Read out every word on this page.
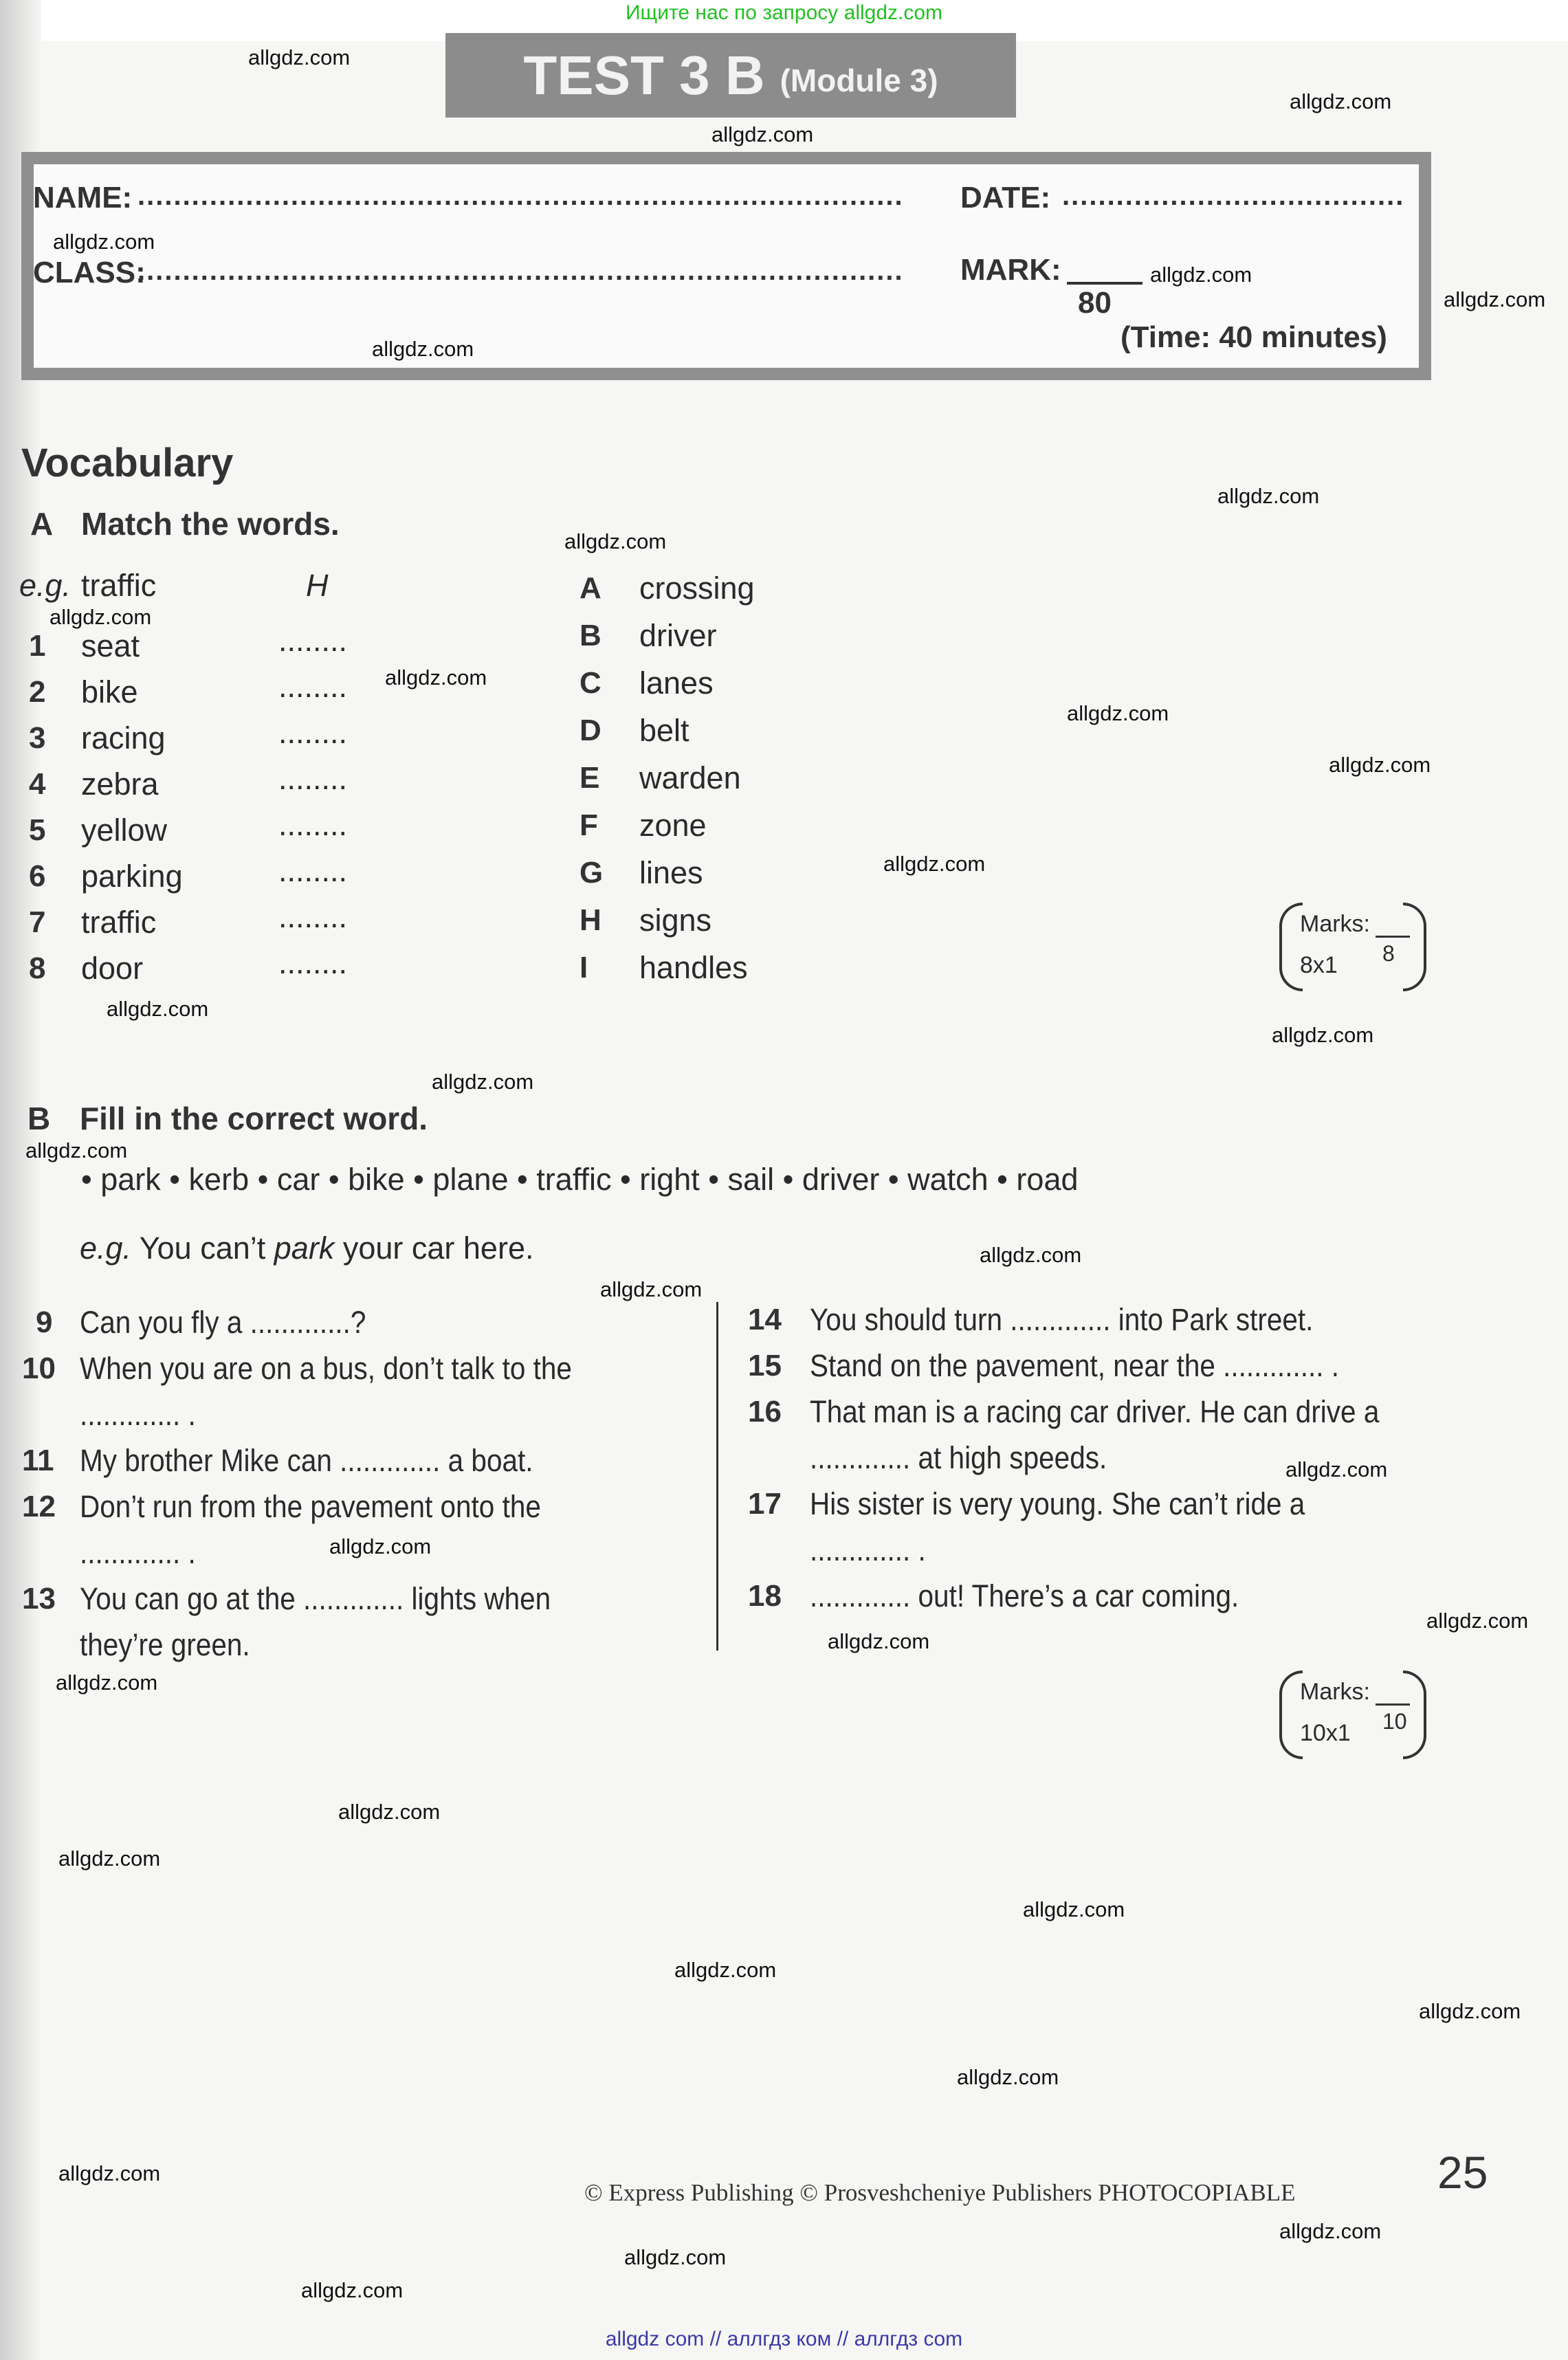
Ищите нас по запросу allgdz.com
TEST 3 B (Module 3)
NAME: .....................................................................................
CLASS:
.....................................................................................
DATE: ......................................
MARK:
80
(Time: 40 minutes)
Vocabulary
A Match the words.
e.g. traffic	H
Marks:
8
8x1
B Fill in the correct word.
• park • kerb • car • bike • plane • traffic • right • sail • driver • watch • road
e.g. You can’t park your car here.
Marks:
10
10x1
25
© Express Publishing © Prosveshcheniye Publishers PHOTOCOPIABLE
allgdz com // аллгдз ком // аллгдз com
1 seat	........
2 bike	........
3 racing	........
4 zebra	........
5 yellow	........
6 parking	........
7 traffic	........
8 door	........
A crossing
B driver
C lanes
D belt
E warden
F zone
G lines
H signs
I handles
9 Can you fly a .............?
10 When you are on a bus, don’t talk to the
............. .
11 My brother Mike can ............. a boat.
12 Don’t run from the pavement onto the
............. .
13 You can go at the ............. lights when
they’re green.
14 You should turn ............. into Park street.
15 Stand on the pavement, near the ............. .
16 That man is a racing car driver. He can drive a
............. at high speeds.
17 His sister is very young. She can’t ride a
............. .
18 ............. out! There’s a car coming.
allgdz.com
allgdz.com
allgdz.com
allgdz.com
allgdz.com
allgdz.com
allgdz.com
allgdz.com
allgdz.com
allgdz.com
allgdz.com
allgdz.com
allgdz.com
allgdz.com
allgdz.com
allgdz.com
allgdz.com
allgdz.com
allgdz.com
allgdz.com
allgdz.com
allgdz.com
allgdz.com
allgdz.com
allgdz.com
allgdz.com
allgdz.com
allgdz.com
allgdz.com
allgdz.com
allgdz.com
allgdz.com
allgdz.com
allgdz.com
allgdz.com
